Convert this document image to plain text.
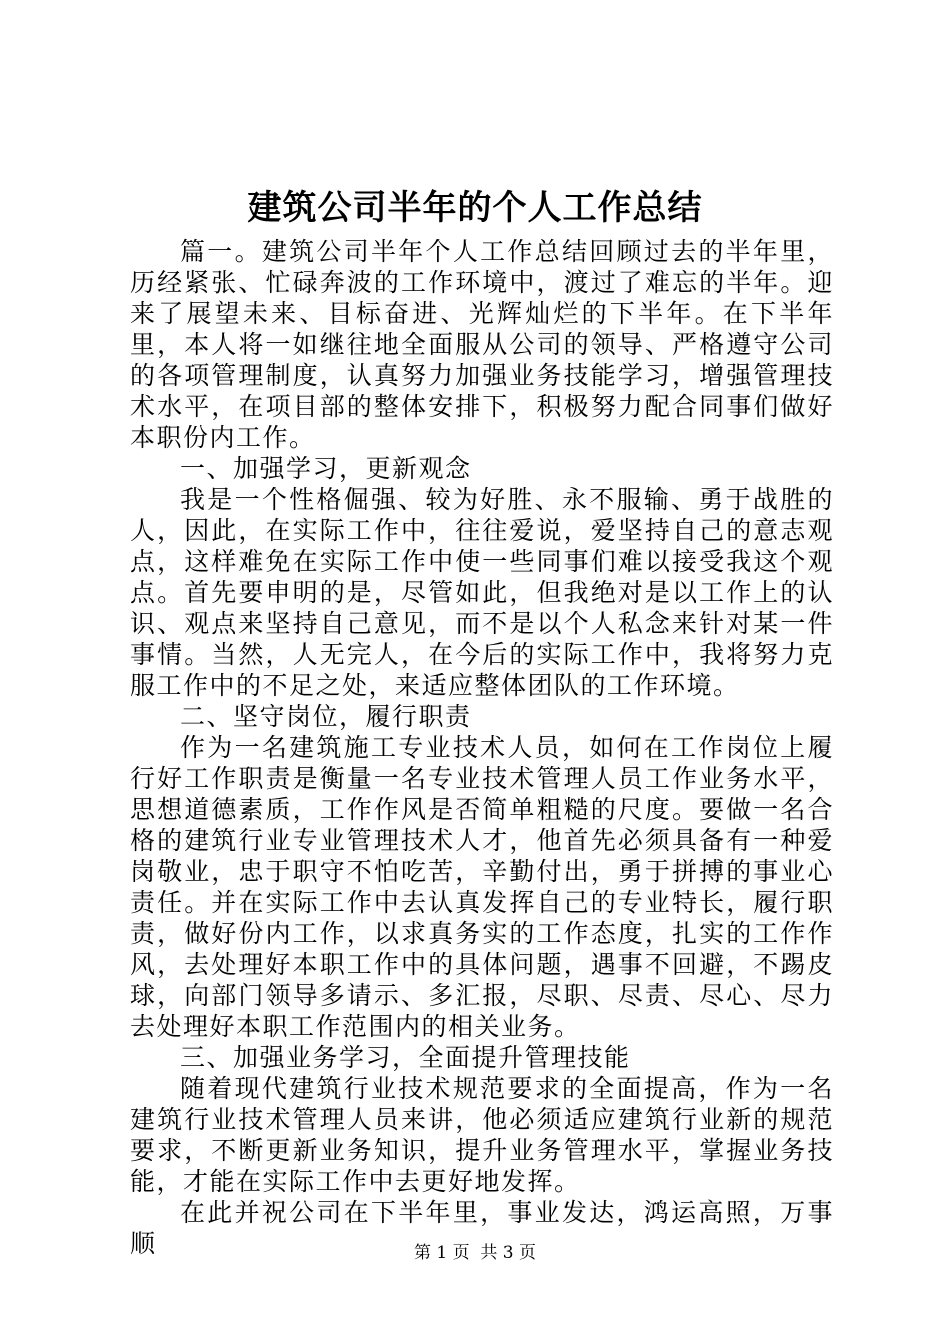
建筑公司半年的个人工作总结

篇一。建筑公司半年个人工作总结回顾过去的半年里，历经紧张、忙碌奔波的工作环境中，渡过了难忘的半年。迎来了展望未来、目标奋进、光辉灿烂的下半年。在下半年里，本人将一如继往地全面服从公司的领导、严格遵守公司的各项管理制度，认真努力加强业务技能学习，增强管理技术水平，在项目部的整体安排下，积极努力配合同事们做好本职份内工作。

一、加强学习，更新观念

我是一个性格倔强、较为好胜、永不服输、勇于战胜的人，因此，在实际工作中，往往爱说，爱坚持自己的意志观点，这样难免在实际工作中使一些同事们难以接受我这个观点。首先要申明的是，尽管如此，但我绝对是以工作上的认识、观点来坚持自己意见，而不是以个人私念来针对某一件事情。当然，人无完人，在今后的实际工作中，我将努力克服工作中的不足之处，来适应整体团队的工作环境。

二、坚守岗位，履行职责

作为一名建筑施工专业技术人员，如何在工作岗位上履行好工作职责是衡量一名专业技术管理人员工作业务水平，思想道德素质，工作作风是否简单粗糙的尺度。要做一名合格的建筑行业专业管理技术人才，他首先必须具备有一种爱岗敬业，忠于职守不怕吃苦，辛勤付出，勇于拼搏的事业心责任。并在实际工作中去认真发挥自己的专业特长，履行职责，做好份内工作，以求真务实的工作态度，扎实的工作作风，去处理好本职工作中的具体问题，遇事不回避，不踢皮球，向部门领导多请示、多汇报，尽职、尽责、尽心、尽力去处理好本职工作范围内的相关业务。

三、加强业务学习，全面提升管理技能

随着现代建筑行业技术规范要求的全面提高，作为一名建筑行业技术管理人员来讲，他必须适应建筑行业新的规范要求，不断更新业务知识，提升业务管理水平，掌握业务技能，才能在实际工作中去更好地发挥。

在此并祝公司在下半年里，事业发达，鸿运高照，万事顺	第 1 页 共 3 页
